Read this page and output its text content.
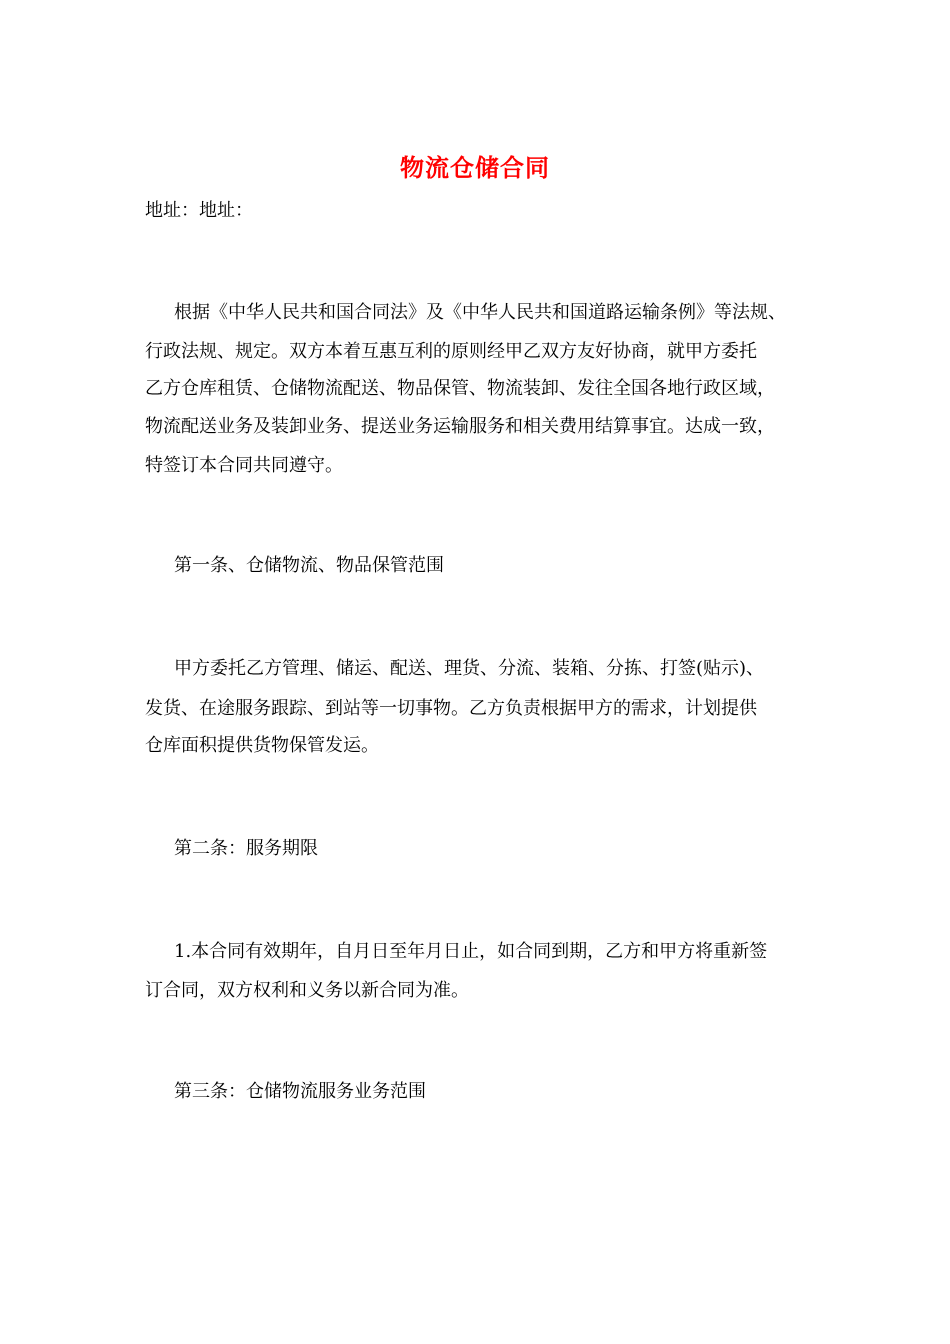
物流仓储合同
地址：地址：
根据《中华人民共和国合同法》及《中华人民共和国道路运输条例》等法规、
行政法规、规定。双方本着互惠互利的原则经甲乙双方友好协商，就甲方委托
乙方仓库租赁、仓储物流配送、物品保管、物流装卸、发往全国各地行政区域，
物流配送业务及装卸业务、提送业务运输服务和相关费用结算事宜。达成一致，
特签订本合同共同遵守。
第一条、仓储物流、物品保管范围
甲方委托乙方管理、储运、配送、理货、分流、装箱、分拣、打签(贴示)、
发货、在途服务跟踪、到站等一切事物。乙方负责根据甲方的需求，计划提供
仓库面积提供货物保管发运。
第二条：服务期限
1.本合同有效期年，自月日至年月日止，如合同到期，乙方和甲方将重新签
订合同，双方权利和义务以新合同为准。
第三条：仓储物流服务业务范围
